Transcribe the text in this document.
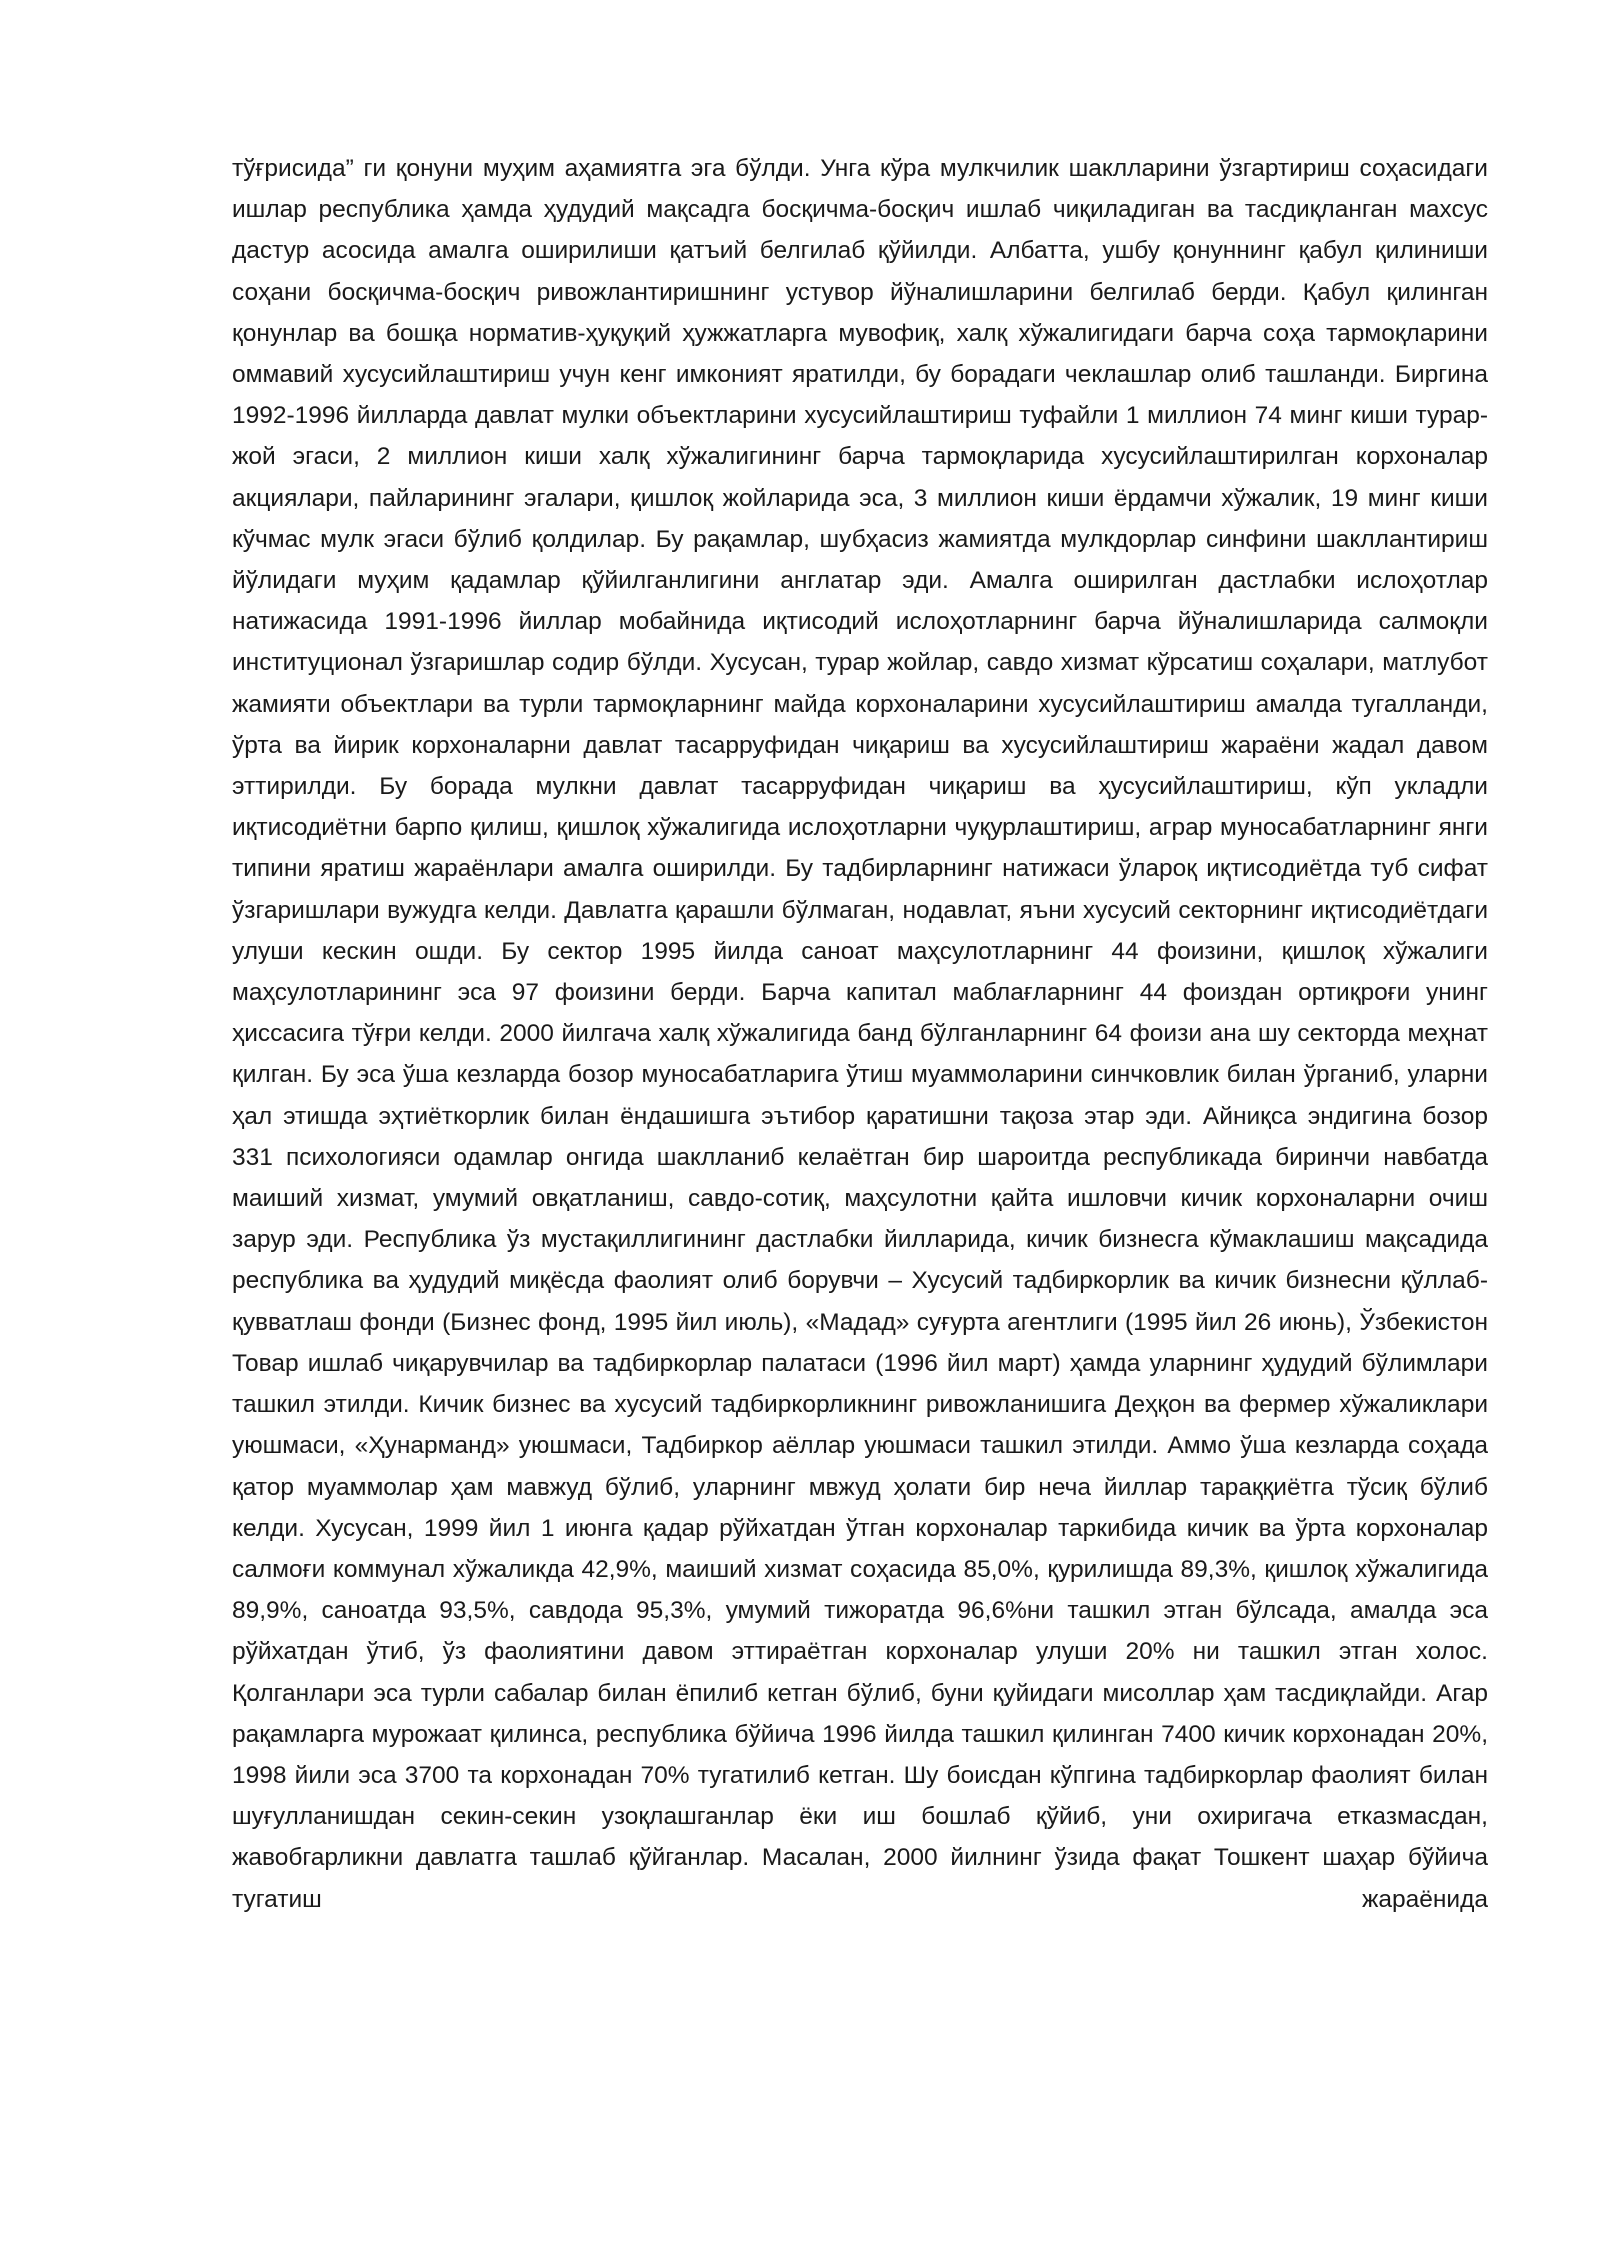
тўғрисида” ги қонуни муҳим аҳамиятга эга бўлди. Унга кўра мулкчилик шаклларини ўзгартириш соҳасидаги ишлар республика ҳамда ҳудудий мақсадга босқичма-босқич ишлаб чиқиладиган ва тасдиқланган махсус дастур асосида амалга оширилиши қатъий белгилаб қўйилди. Албатта, ушбу қонуннинг қабул қилиниши соҳани босқичма-босқич ривожлантиришнинг устувор йўналишларини белгилаб берди. Қабул қилинган қонунлар ва бошқа норматив-ҳуқуқий ҳужжатларга мувофиқ, халқ хўжалигидаги барча соҳа тармоқларини оммавий хусусийлаштириш учун кенг имконият яратилди, бу борадаги чеклашлар олиб ташланди. Биргина 1992-1996 йилларда давлат мулки объектларини хусусийлаштириш туфайли 1 миллион 74 минг киши турар-жой эгаси, 2 миллион киши халқ хўжалигининг барча тармоқларида хусусийлаштирилган корхоналар акциялари, пайларининг эгалари, қишлоқ жойларида эса, 3 миллион киши ёрдамчи хўжалик, 19 минг киши кўчмас мулк эгаси бўлиб қолдилар. Бу рақамлар, шубҳасиз жамиятда мулкдорлар синфини шакллантириш йўлидаги муҳим қадамлар қўйилганлигини англатар эди. Амалга оширилган дастлабки ислоҳотлар натижасида 1991-1996 йиллар мобайнида иқтисодий ислоҳотларнинг барча йўналишларида салмоқли институционал ўзгаришлар содир бўлди. Хусусан, турар жойлар, савдо хизмат кўрсатиш соҳалари, матлубот жамияти объектлари ва турли тармоқларнинг майда корхоналарини хусусийлаштириш амалда тугалланди, ўрта ва йирик корхоналарни давлат тасарруфидан чиқариш ва хусусийлаштириш жараёни жадал давом эттирилди. Бу борада мулкни давлат тасарруфидан чиқариш ва ҳусусийлаштириш, кўп укладли иқтисодиётни барпо қилиш, қишлоқ хўжалигида ислоҳотларни чуқурлаштириш, аграр муносабатларнинг янги типини яратиш жараёнлари амалга оширилди. Бу тадбирларнинг натижаси ўлароқ иқтисодиётда туб сифат ўзгаришлари вужудга келди. Давлатга қарашли бўлмаган, нодавлат, яъни хусусий секторнинг иқтисодиётдаги улуши кескин ошди. Бу сектор 1995 йилда саноат маҳсулотларнинг 44 фоизини, қишлоқ хўжалиги маҳсулотларининг эса 97 фоизини берди. Барча капитал маблағларнинг 44 фоиздан ортиқроғи унинг ҳиссасига тўғри келди. 2000 йилгача халқ хўжалигида банд бўлганларнинг 64 фоизи ана шу секторда меҳнат қилган. Бу эса ўша кезларда бозор муносабатларига ўтиш муаммоларини синчковлик билан ўрганиб, уларни ҳал этишда эҳтиёткорлик билан ёндашишга эътибор қаратишни тақоза этар эди. Айниқса эндигина бозор 331 психологияси одамлар онгида шаклланиб келаётган бир шароитда республикада биринчи навбатда маиший хизмат, умумий овқатланиш, савдо-сотиқ, маҳсулотни қайта ишловчи кичик корхоналарни очиш зарур эди. Республика ўз мустақиллигининг дастлабки йилларида, кичик бизнесга кўмаклашиш мақсадида республика ва ҳудудий миқёсда фаолият олиб борувчи – Хусусий тадбиркорлик ва кичик бизнесни қўллаб- қувватлаш фонди (Бизнес фонд, 1995 йил июль), «Мадад» суғурта агентлиги (1995 йил 26 июнь), Ўзбекистон Товар ишлаб чиқарувчилар ва тадбиркорлар палатаси (1996 йил март) ҳамда уларнинг ҳудудий бўлимлари ташкил этилди. Кичик бизнес ва хусусий тадбиркорликнинг ривожланишига Деҳқон ва фермер хўжаликлари уюшмаси, «Ҳунарманд» уюшмаси, Тадбиркор аёллар уюшмаси ташкил этилди. Аммо ўша кезларда соҳада қатор муаммолар ҳам мавжуд бўлиб, уларнинг мвжуд ҳолати бир неча йиллар тараққиётга тўсиқ бўлиб келди. Хусусан, 1999 йил 1 июнга қадар рўйхатдан ўтган корхоналар таркибида кичик ва ўрта корхоналар салмоғи коммунал хўжаликда 42,9%, маиший хизмат соҳасида 85,0%, қурилишда 89,3%, қишлоқ хўжалигида 89,9%, саноатда 93,5%, савдода 95,3%, умумий тижоратда 96,6%ни ташкил этган бўлсада, амалда эса рўйхатдан ўтиб, ўз фаолиятини давом эттираётган корхоналар улуши 20% ни ташкил этган холос. Қолганлари эса турли сабалар билан ёпилиб кетган бўлиб, буни қуйидаги мисоллар ҳам тасдиқлайди. Агар рақамларга мурожаат қилинса, республика бўйича 1996 йилда ташкил қилинган 7400 кичик корхонадан 20%, 1998 йили эса 3700 та корхонадан 70% тугатилиб кетган. Шу боисдан кўпгина тадбиркорлар фаолият билан шуғулланишдан секин-секин узоқлашганлар ёки иш бошлаб қўйиб, уни охиригача етказмасдан, жавобгарликни давлатга ташлаб қўйганлар. Масалан, 2000 йилнинг ўзида фақат Тошкент шаҳар бўйича тугатиш жараёнида
